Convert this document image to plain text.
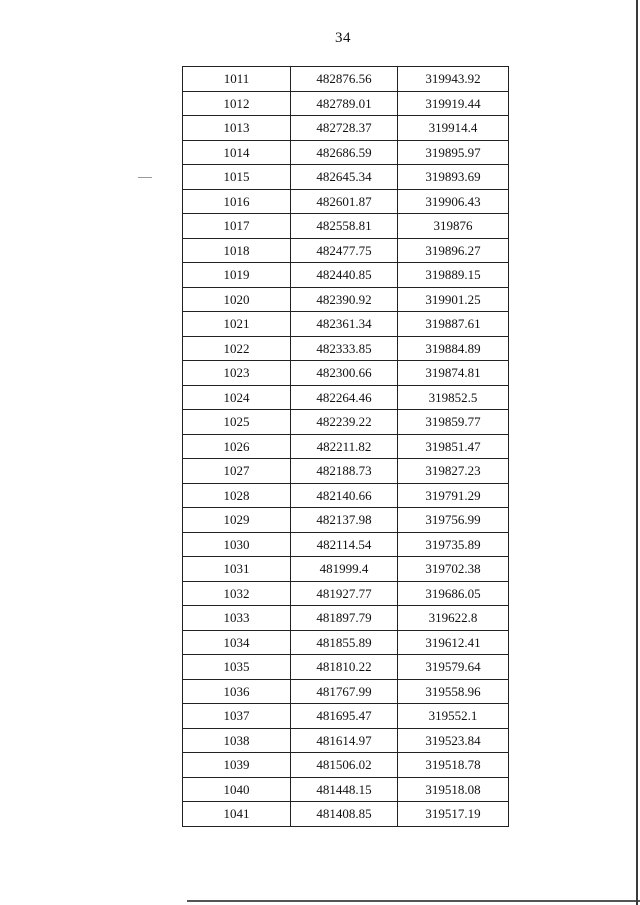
34
1011	482876.56	319943.92
1012	482789.01	319919.44
1013	482728.37	319914.4
1014	482686.59	319895.97
1015	482645.34	319893.69
1016	482601.87	319906.43
1017	482558.81	319876
1018	482477.75	319896.27
1019	482440.85	319889.15
1020	482390.92	319901.25
1021	482361.34	319887.61
1022	482333.85	319884.89
1023	482300.66	319874.81
1024	482264.46	319852.5
1025	482239.22	319859.77
1026	482211.82	319851.47
1027	482188.73	319827.23
1028	482140.66	319791.29
1029	482137.98	319756.99
1030	482114.54	319735.89
1031	481999.4	319702.38
1032	481927.77	319686.05
1033	481897.79	319622.8
1034	481855.89	319612.41
1035	481810.22	319579.64
1036	481767.99	319558.96
1037	481695.47	319552.1
1038	481614.97	319523.84
1039	481506.02	319518.78
1040	481448.15	319518.08
1041	481408.85	319517.19
